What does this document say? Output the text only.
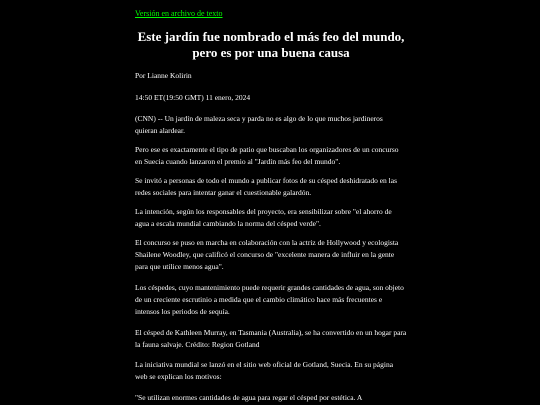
Versión en archivo de texto
Este jardín fue nombrado el más feo del mundo, pero es por una buena causa
Por Lianne Kolirin
14:50 ET(19:50 GMT) 11 enero, 2024

(CNN) -- Un jardín de maleza seca y parda no es algo de lo que muchos jardineros quieran alardear.

Pero ese es exactamente el tipo de patio que buscaban los organizadores de un concurso en Suecia cuando lanzaron el premio al "Jardín más feo del mundo".

Se invitó a personas de todo el mundo a publicar fotos de su césped deshidratado en las redes sociales para intentar ganar el cuestionable galardón.

La intención, según los responsables del proyecto, era sensibilizar sobre "el ahorro de agua a escala mundial cambiando la norma del césped verde".

El concurso se puso en marcha en colaboración con la actriz de Hollywood y ecologista Shailene Woodley, que calificó el concurso de "excelente manera de influir en la gente para que utilice menos agua".

Los céspedes, cuyo mantenimiento puede requerir grandes cantidades de agua, son objeto de un creciente escrutinio a medida que el cambio climático hace más frecuentes e intensos los periodos de sequía.

El césped de Kathleen Murray, en Tasmania (Australia), se ha convertido en un hogar para la fauna salvaje. Crédito: Region Gotland

La iniciativa mundial se lanzó en el sitio web oficial de Gotland, Suecia. En su página web se explican los motivos:

"Se utilizan enormes cantidades de agua para regar el césped por estética. A
